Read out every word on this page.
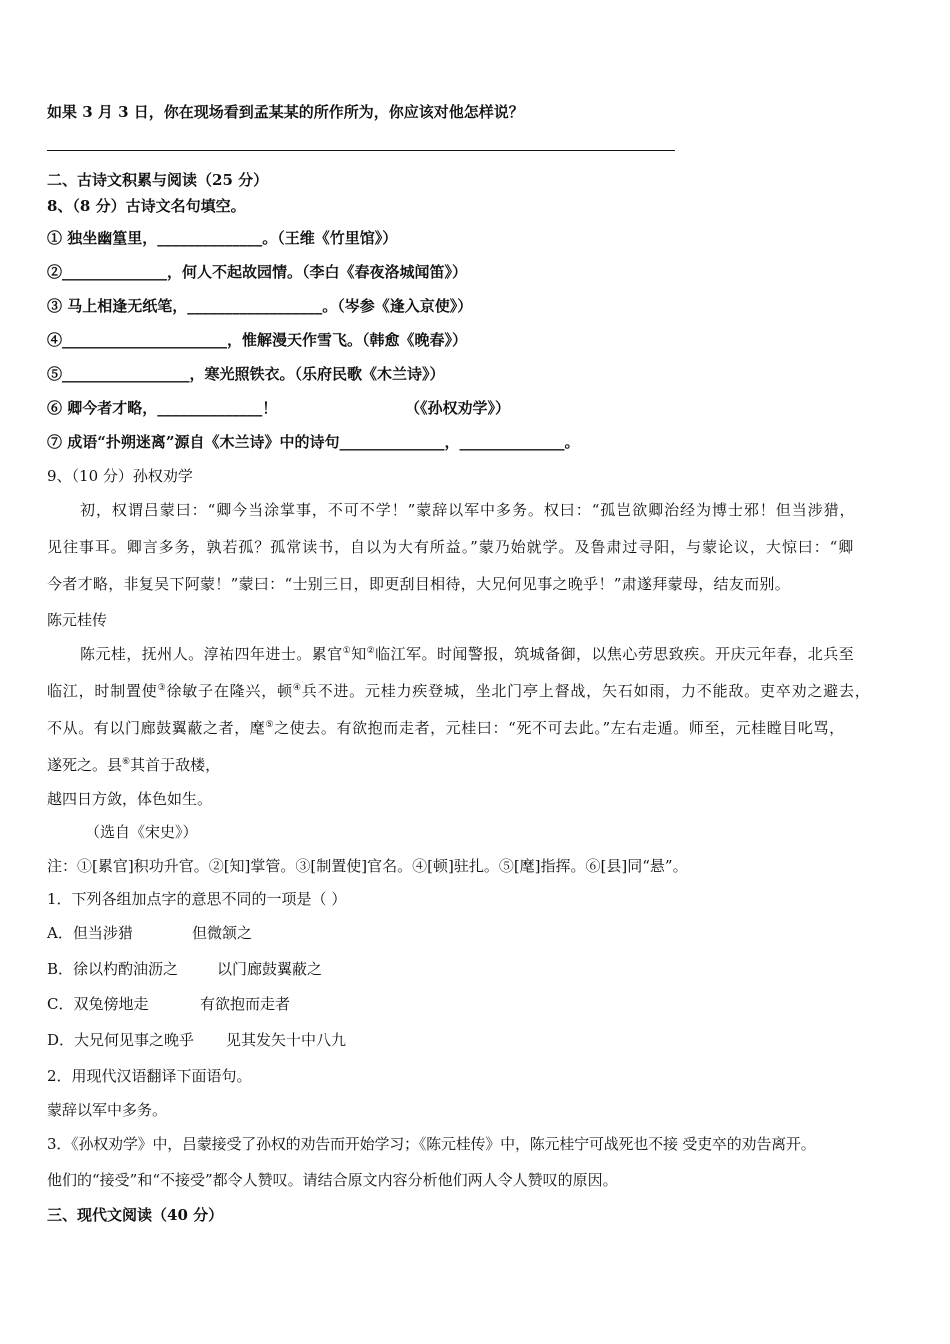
如果 3 月 3 日，你在现场看到孟某某的所作所为，你应该对他怎样说？
二、古诗文积累与阅读（25 分）
8、（8 分）古诗文名句填空。
① 独坐幽篁里，______________。（王维《竹里馆》）
②______________，何人不起故园情。（李白《春夜洛城闻笛》）
③ 马上相逢无纸笔，__________________。（岑参《逢入京使》）
④______________________，惟解漫天作雪飞。（韩愈《晚春》）
⑤_________________，寒光照铁衣。（乐府民歌《木兰诗》）
⑥ 卿今者才略，______________！	（《孙权劝学》）
⑦ 成语“扑朔迷离”源自《木兰诗》中的诗句______________，______________。
9、（10 分）孙权劝学
初，权谓吕蒙曰：“卿今当涂掌事，不可不学！”蒙辞以军中多务。权曰：“孤岂欲卿治经为博士邪！但当涉猎，
见往事耳。卿言多务，孰若孤？孤常读书，自以为大有所益。”蒙乃始就学。及鲁肃过寻阳，与蒙论议，大惊曰：“卿
今者才略，非复吴下阿蒙！”蒙曰：“士别三日，即更刮目相待，大兄何见事之晚乎！”肃遂拜蒙母，结友而别。
陈元桂传
陈元桂，抚州人。淳祐四年进士。累官①知②临江军。时闻警报，筑城备御，以焦心劳思致疾。开庆元年春，北兵至
临江，时制置使③徐敏子在隆兴，顿④兵不进。元桂力疾登城，坐北门亭上督战，矢石如雨，力不能敌。吏卒劝之避去，
不从。有以门廊鼓翼蔽之者，麾⑤之使去。有欲抱而走者，元桂曰：“死不可去此。”左右走遁。师至，元桂瞠目叱骂，
遂死之。县⑥其首于敌楼，
越四日方敛，体色如生。
（选自《宋史》）
注：①[累官]积功升官。②[知]掌管。③[制置使]官名。④[顿]驻扎。⑤[麾]指挥。⑥[县]同“悬”。
1．下列各组加点字的意思不同的一项是（ ）
A．但当涉猎	但微颔之
B．徐以杓酌油沥之	以门廊鼓翼蔽之
C．双兔傍地走	有欲抱而走者
D．大兄何见事之晚乎 见其发矢十中八九
2．用现代汉语翻译下面语句。
蒙辞以军中多务。
3．《孙权劝学》中，吕蒙接受了孙权的劝告而开始学习；《陈元桂传》中，陈元桂宁可战死也不接 受吏卒的劝告离开。
他们的“接受”和“不接受”都令人赞叹。请结合原文内容分析他们两人令人赞叹的原因。
三、现代文阅读（40 分）
